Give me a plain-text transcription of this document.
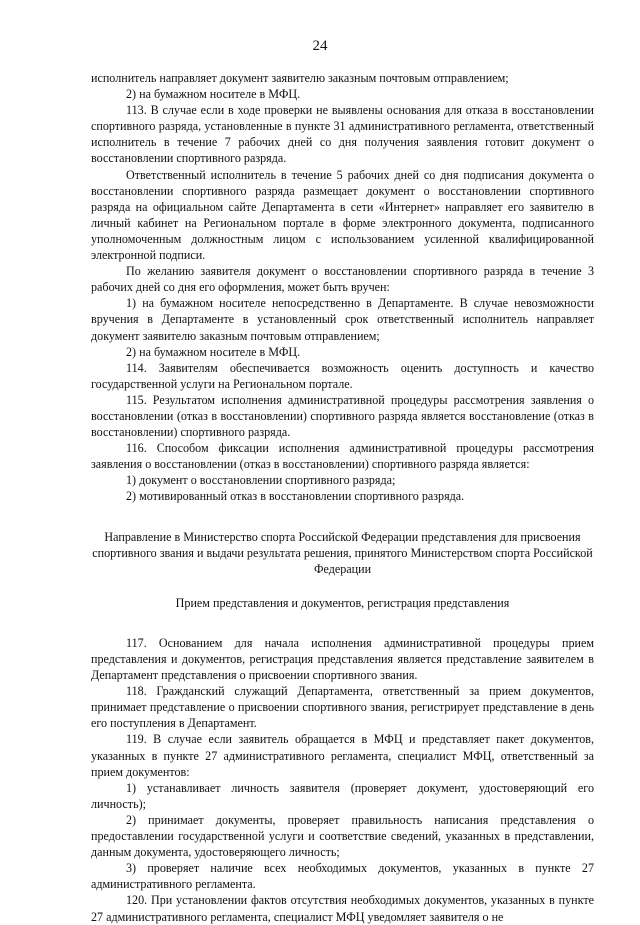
24

исполнитель направляет документ заявителю заказным почтовым отправлением;

2) на бумажном носителе в МФЦ.

113. В случае если в ходе проверки не выявлены основания для отказа в восстановлении спортивного разряда, установленные в пункте 31 административного регламента, ответственный исполнитель в течение 7 рабочих дней со дня получения заявления готовит документ о восстановлении спортивного разряда.

Ответственный исполнитель в течение 5 рабочих дней со дня подписания документа о восстановлении спортивного разряда размещает документ о восстановлении спортивного разряда на официальном сайте Департамента в сети «Интернет» направляет его заявителю в личный кабинет на Региональном портале в форме электронного документа, подписанного уполномоченным должностным лицом с использованием усиленной квалифицированной электронной подписи.

По желанию заявителя документ о восстановлении спортивного разряда в течение 3 рабочих дней со дня его оформления, может быть вручен:

1) на бумажном носителе непосредственно в Департаменте. В случае невозможности вручения в Департаменте в установленный срок ответственный исполнитель направляет документ заявителю заказным почтовым отправлением;

2) на бумажном носителе в МФЦ.

114. Заявителям обеспечивается возможность оценить доступность и качество государственной услуги на Региональном портале.

115. Результатом исполнения административной процедуры рассмотрения заявления о восстановлении (отказ в восстановлении) спортивного разряда является восстановление (отказ в восстановлении) спортивного разряда.

116. Способом фиксации исполнения административной процедуры рассмотрения заявления о восстановлении (отказ в восстановлении) спортивного разряда является:

1) документ о восстановлении спортивного разряда;

2) мотивированный отказ в восстановлении спортивного разряда.

Направление в Министерство спорта Российской Федерации представления для присвоения спортивного звания и выдачи результата решения, принятого Министерством спорта Российской Федерации

Прием представления и документов, регистрация представления

117. Основанием для начала исполнения административной процедуры прием представления и документов, регистрация представления является представление заявителем в Департамент представления о присвоении спортивного звания.

118. Гражданский служащий Департамента, ответственный за прием документов, принимает представление о присвоении спортивного звания, регистрирует представление в день его поступления в Департамент.

119. В случае если заявитель обращается в МФЦ и представляет пакет документов, указанных в пункте 27 административного регламента, специалист МФЦ, ответственный за прием документов:

1) устанавливает личность заявителя (проверяет документ, удостоверяющий его личность);

2) принимает документы, проверяет правильность написания представления о предоставлении государственной услуги и соответствие сведений, указанных в представлении, данным документа, удостоверяющего личность;

3) проверяет наличие всех необходимых документов, указанных в пункте 27 административного регламента.

120. При установлении фактов отсутствия необходимых документов, указанных в пункте 27 административного регламента, специалист МФЦ уведомляет заявителя о не
